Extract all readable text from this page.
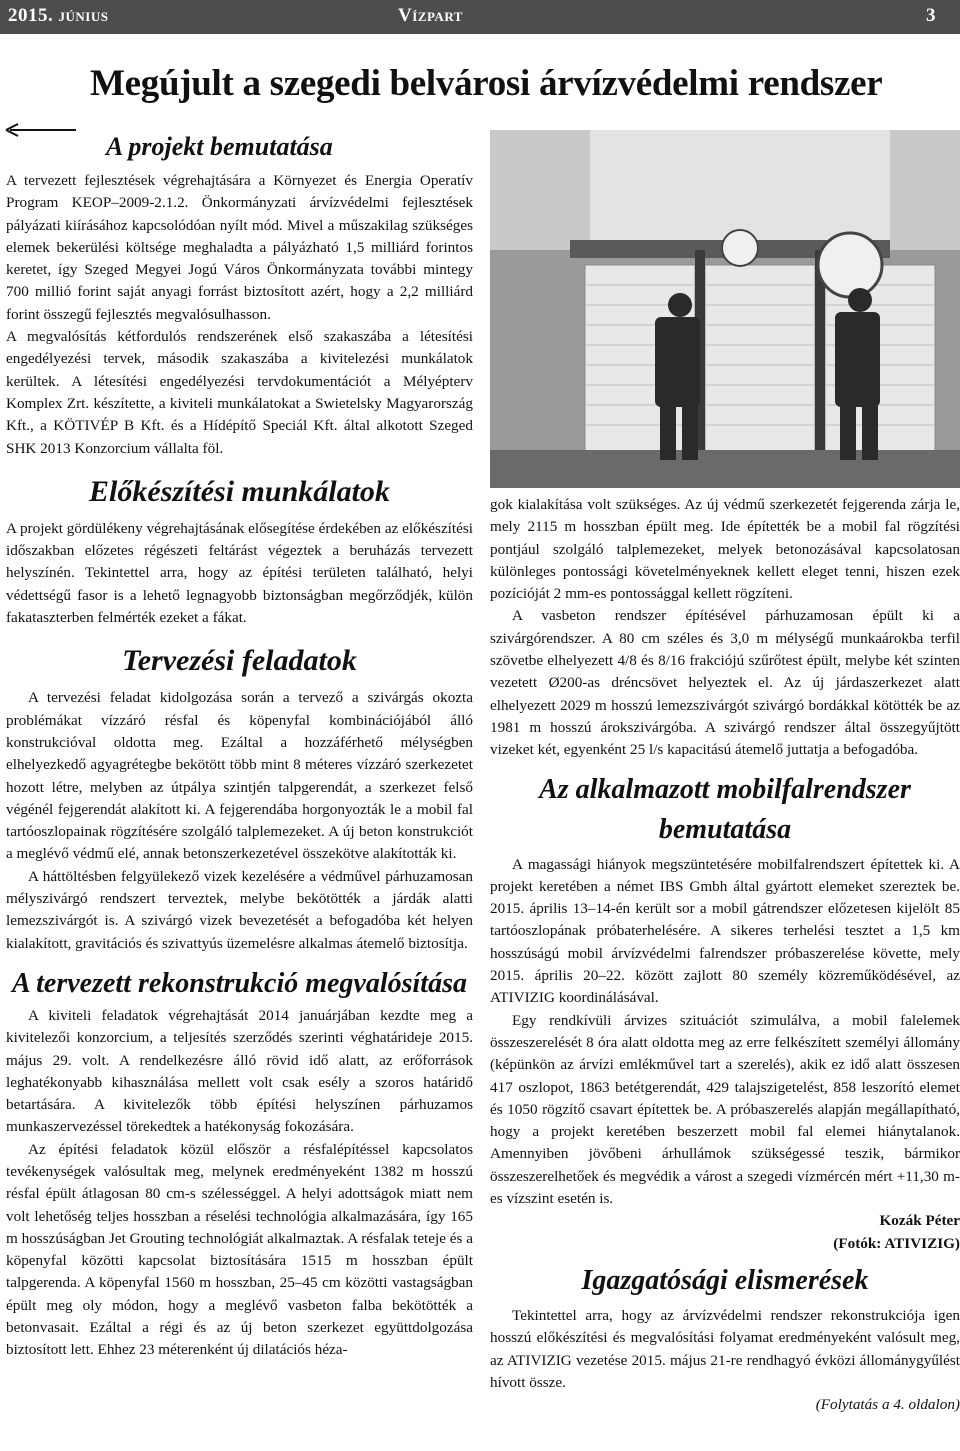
2015. június	Vízpart	3
Megújult a szegedi belvárosi árvízvédelmi rendszer
A projekt bemutatása

A tervezett fejlesztések végrehajtására a Környezet és Energia Operatív Program KEOP–2009-2.1.2. Önkormányzati árvízvédelmi fejlesztések pályázati kiírásához kapcsolódóan nyílt mód. Mivel a műszakilag szükséges elemek bekerülési költsége meghaladta a pályázható 1,5 milliárd forintos keretet, így Szeged Megyei Jogú Város Önkormányzata további mintegy 700 millió forint saját anyagi forrást biztosított azért, hogy a 2,2 milliárd forint összegű fejlesztés megvalósulhasson.

A megvalósítás kétfordulós rendszerének első szakaszába a létesítési engedélyezési tervek, második szakaszába a kivitelezési munkálatok kerültek. A létesítési engedélyezési tervdokumentációt a Mélyépterv Komplex Zrt. készítette, a kiviteli munkálatokat a Swietelsky Magyarország Kft., a KÖTIVÉP B Kft. és a Hídépítő Speciál Kft. által alkotott Szeged SHK 2013 Konzorcium vállalta föl.

Előkészítési munkálatok

A projekt gördülékeny végrehajtásának elősegítése érdekében az előkészítési időszakban előzetes régészeti feltárást végeztek a beruházás tervezett helyszínén. Tekintettel arra, hogy az építési területen található, helyi védettségű fasor is a lehető legnagyobb biztonságban megőrződjék, külön fakataszterben felmérték ezeket a fákat.

Tervezési feladatok

A tervezési feladat kidolgozása során a tervező a szivárgás okozta problémákat vízzáró résfal és köpenyfal kombinációjából álló konstrukcióval oldotta meg. Ezáltal a hozzáférhető mélységben elhelyezkedő agyagrétegbe bekötött több mint 8 méteres vízzáró szerkezetet hozott létre, melyben az útpálya szintjén talpgerendát, a szerkezet felső végénél fejgerendát alakított ki. A fejgerendába horgonyozták le a mobil fal tartóoszlopainak rögzítésére szolgáló talplemezeket. A új beton konstrukciót a meglévő védmű elé, annak betonszerkezetével összekötve alakították ki.

A háttöltésben felgyülekező vizek kezelésére a védművel párhuzamosan mélyszivárgó rendszert terveztek, melybe bekötötték a járdák alatti lemezszivárgót is. A szivárgó vizek bevezetését a befogadóba két helyen kialakított, gravitációs és szivattyús üzemelésre alkalmas átemelő biztosítja.

A tervezett rekonstrukció megvalósítása

A kiviteli feladatok végrehajtását 2014 januárjában kezdte meg a kivitelezői konzorcium, a teljesítés szerződés szerinti véghatárideje 2015. május 29. volt. A rendelkezésre álló rövid idő alatt, az erőforrások leghatékonyabb kihasználása mellett volt csak esély a szoros határidő betartására. A kivitelezők több építési helyszínen párhuzamos munkaszervezéssel törekedtek a hatékonyság fokozására.

Az építési feladatok közül először a résfalépítéssel kapcsolatos tevékenységek valósultak meg, melynek eredményeként 1382 m hosszú résfal épült átlagosan 80 cm-s szélességgel. A helyi adottságok miatt nem volt lehetőség teljes hosszban a réselési technológia alkalmazására, így 165 m hosszúságban Jet Grouting technológiát alkalmaztak. A résfalak teteje és a köpenyfal közötti kapcsolat biztosítására 1515 m hosszban épült talpgerenda. A köpenyfal 1560 m hosszban, 25–45 cm közötti vastagságban épült meg oly módon, hogy a meglévő vasbeton falba bekötötték a betonvasait. Ezáltal a régi és az új beton szerkezet együttdolgozása biztosított lett. Ehhez 23 méterenként új dilatációs héza-

gok kialakítása volt szükséges. Az új védmű szerkezetét fejgerenda zárja le, mely 2115 m hosszban épült meg. Ide építették be a mobil fal rögzítési pontjául szolgáló talplemezeket, melyek betonozásával kapcsolatosan különleges pontossági követelményeknek kellett eleget tenni, hiszen ezek pozícióját 2 mm-es pontossággal kellett rögzíteni.

A vasbeton rendszer építésével párhuzamosan épült ki a szivárgórendszer. A 80 cm széles és 3,0 m mélységű munkaárokba terfil szövetbe elhelyezett 4/8 és 8/16 frakciójú szűrőtest épült, melybe két szinten vezetett Ø200-as dréncsövet helyeztek el. Az új járdaszerkezet alatt elhelyezett 2029 m hosszú lemezszivárgót szivárgó bordákkal kötötték be az 1981 m hosszú árokszivárgóba. A szivárgó rendszer által összegyűjtött vizeket két, egyenként 25 l/s kapacitású átemelő juttatja a befogadóba.

Az alkalmazott mobilfalrendszer bemutatása

A magassági hiányok megszüntetésére mobilfalrendszert építettek ki. A projekt keretében a német IBS Gmbh által gyártott elemeket szereztek be. 2015. április 13–14-én került sor a mobil gátrendszer előzetesen kijelölt 85 tartóoszlopának próbaterhelésére. A sikeres terhelési tesztet a 1,5 km hosszúságú mobil árvízvédelmi falrendszer próbaszerelése követte, mely 2015. április 20–22. között zajlott 80 személy közreműködésével, az ATIVIZIG koordinálásával.

Egy rendkívüli árvizes szituációt szimulálva, a mobil falelemek összeszerelését 8 óra alatt oldotta meg az erre felkészített személyi állomány (képünkön az árvízi emlékművel tart a szerelés), akik ez idő alatt összesen 417 oszlopot, 1863 betétgerendát, 429 talajszigetelést, 858 leszorító elemet és 1050 rögzítő csavart építettek be. A próbaszerelés alapján megállapítható, hogy a projekt keretében beszerzett mobil fal elemei hiánytalanok. Amennyiben jövőbeni árhullámok szükségessé teszik, bármikor összeszerelhetőek és megvédik a várost a szegedi vízmércén mért +11,30 m-es vízszint esetén is.

Kozák Péter

(Fotók: ATIVIZIG)

Igazgatósági elismerések

Tekintettel arra, hogy az árvízvédelmi rendszer rekonstrukciója igen hosszú előkészítési és megvalósítási folyamat eredményeként valósult meg, az ATIVIZIG vezetése 2015. május 21-re rendhagyó évközi állománygyűlést hívott össze.

(Folytatás a 4. oldalon)
